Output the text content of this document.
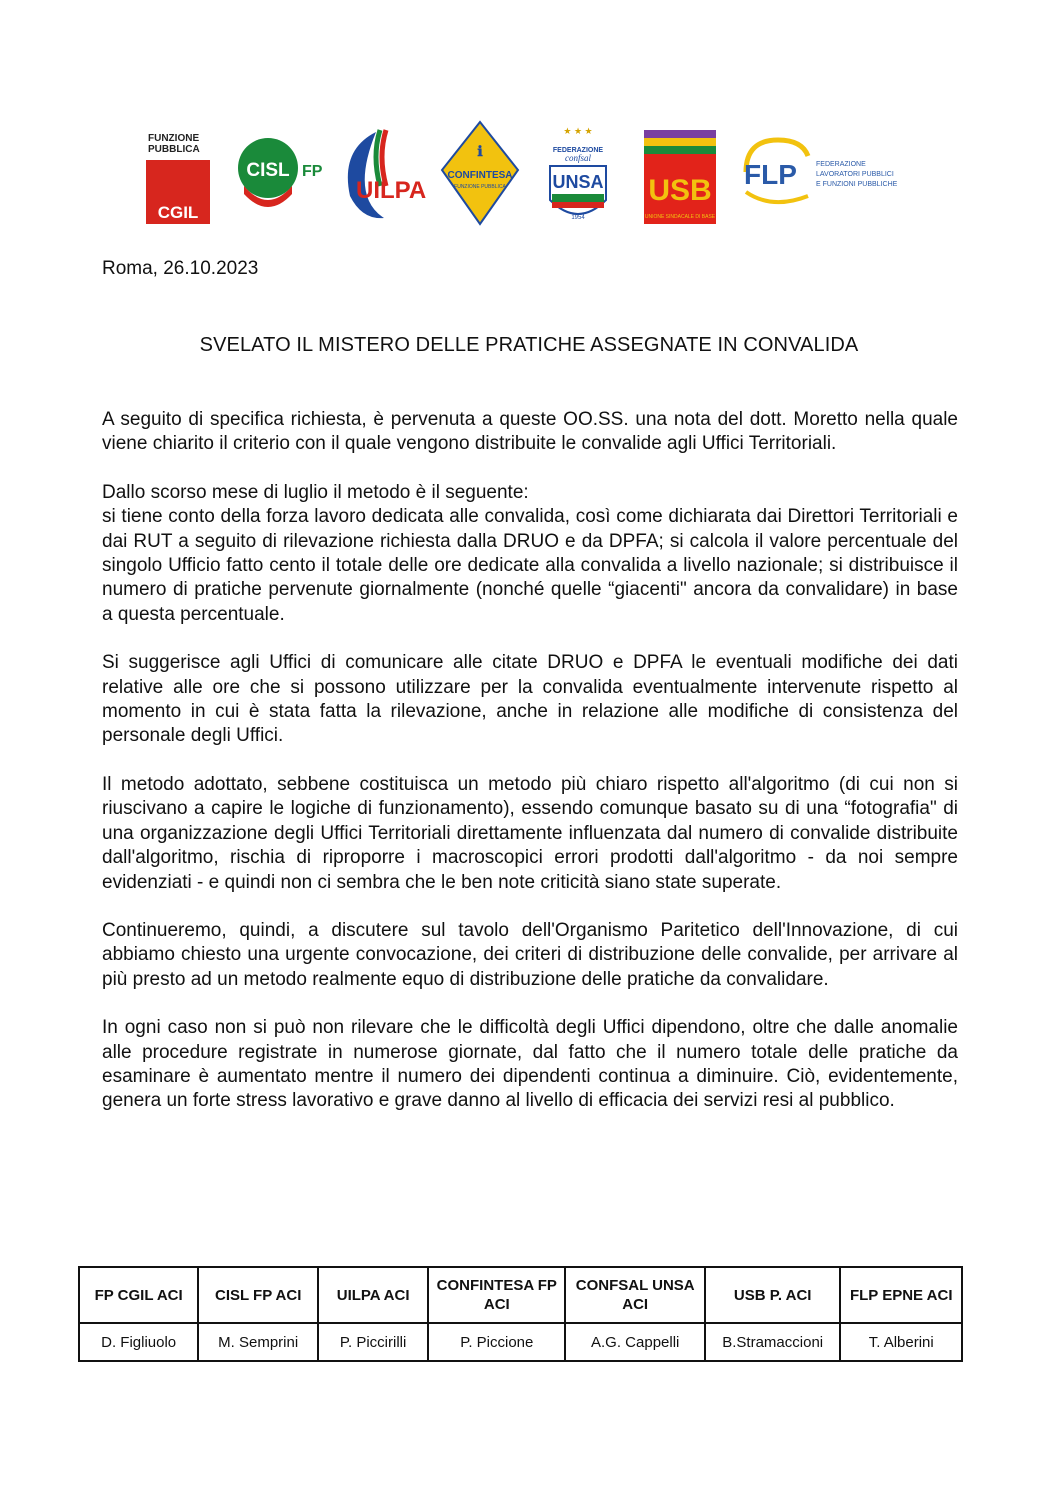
FUNZIONE
PUBBLICA
CGIL
CISL FP
UILPA
ℹ
CONFINTESA
FUNZIONE PUBBLICA
★ ★ ★
FEDERAZIONE
confsal
UNSA
1954
USB
UNIONE SINDACALE DI BASE
FLP	FEDERAZIONE
LAVORATORI PUBBLICI
E FUNZIONI PUBBLICHE
Roma, 26.10.2023
SVELATO IL MISTERO DELLE PRATICHE ASSEGNATE IN CONVALIDA

A seguito di specifica richiesta, è pervenuta a queste OO.SS. una nota del dott. Moretto nella quale viene chiarito il criterio con il quale vengono distribuite le convalide agli Uffici Territoriali.

Dallo scorso mese di luglio il metodo è il seguente:
si tiene conto della forza lavoro dedicata alle convalida, così come dichiarata dai Direttori Territoriali e dai RUT a seguito di rilevazione richiesta dalla DRUO e da DPFA; si calcola il valore percentuale del singolo Ufficio fatto cento il totale delle ore dedicate alla convalida a livello nazionale; si distribuisce il numero di pratiche pervenute giornalmente (nonché quelle “giacenti" ancora da convalidare) in base a questa percentuale.

Si suggerisce agli Uffici di comunicare alle citate DRUO e DPFA le eventuali modifiche dei dati relative alle ore che si possono utilizzare per la convalida eventualmente intervenute rispetto al momento in cui è stata fatta la rilevazione, anche in relazione alle modifiche di consistenza del personale degli Uffici.

Il metodo adottato, sebbene costituisca un metodo più chiaro rispetto all'algoritmo (di cui non si riuscivano a capire le logiche di funzionamento), essendo comunque basato su di una “fotografia" di una organizzazione degli Uffici Territoriali direttamente influenzata dal numero di convalide distribuite dall'algoritmo, rischia di riproporre i macroscopici errori prodotti dall'algoritmo - da noi sempre evidenziati - e quindi non ci sembra che le ben note criticità siano state superate.

Continueremo, quindi, a discutere sul tavolo dell'Organismo Paritetico dell'Innovazione, di cui abbiamo chiesto una urgente convocazione, dei criteri di distribuzione delle convalide, per arrivare al più presto ad un metodo realmente equo di distribuzione delle pratiche da convalidare.

In ogni caso non si può non rilevare che le difficoltà degli Uffici dipendono, oltre che dalle anomalie alle procedure registrate in numerose giornate, dal fatto che il numero totale delle pratiche da esaminare è aumentato mentre il numero dei dipendenti continua a diminuire. Ciò, evidentemente, genera un forte stress lavorativo e grave danno al livello di efficacia dei servizi resi al pubblico.

FP CGIL ACI	CISL FP ACI	UILPA ACI	CONFINTESA FP ACI	CONFSAL UNSA ACI	USB P. ACI	FLP EPNE ACI
D. Figliuolo	M. Semprini	P. Piccirilli	P. Piccione	A.G. Cappelli	B.Stramaccioni	T. Alberini
